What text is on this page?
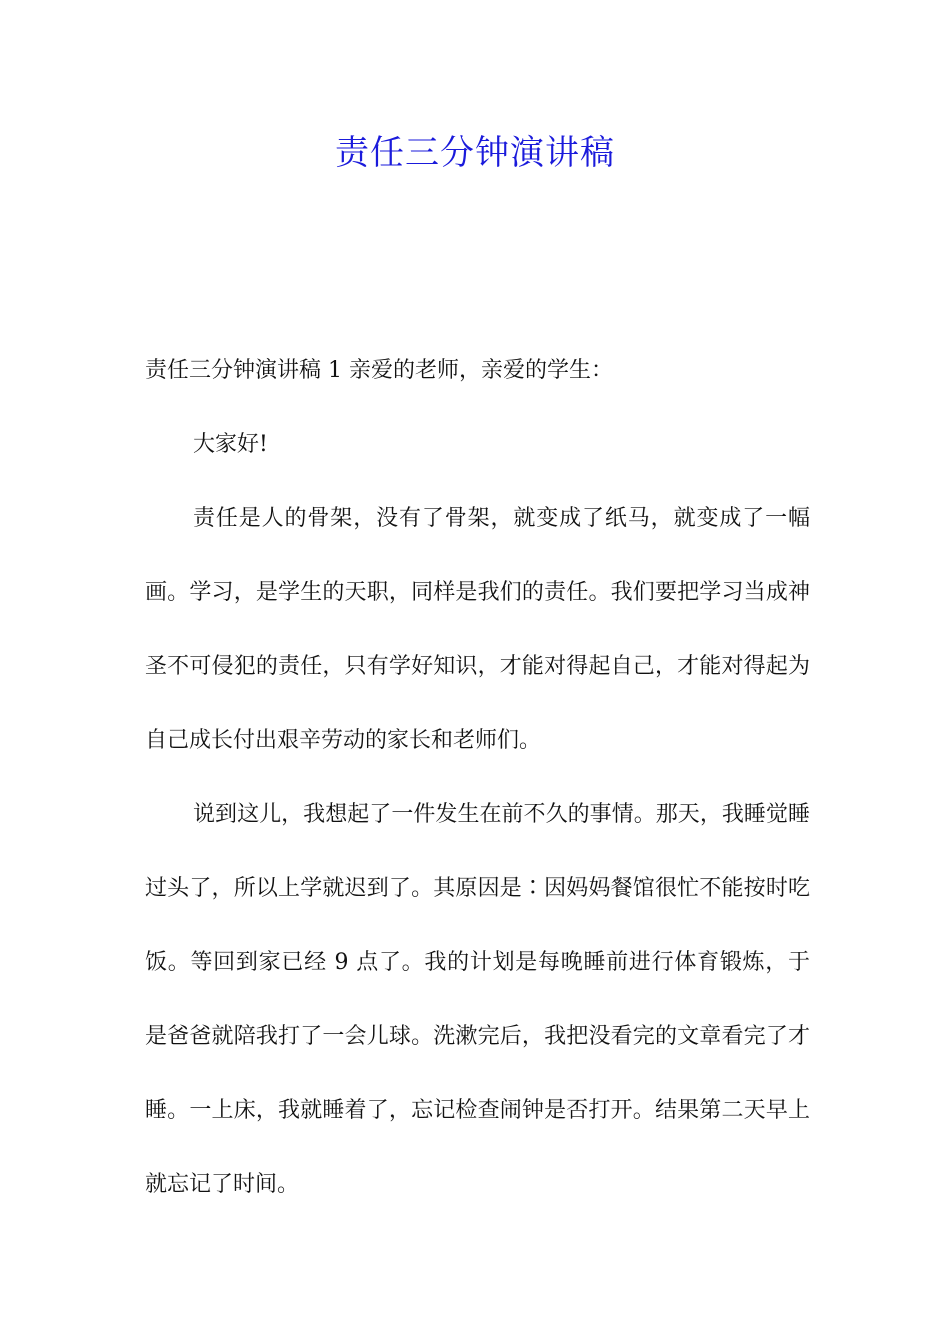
责任三分钟演讲稿

责任三分钟演讲稿 1 亲爱的老师，亲爱的学生：

大家好!

责任是人的骨架，没有了骨架，就变成了纸马，就变成了一幅画。学习，是学生的天职，同样是我们的责任。我们要把学习当成神圣不可侵犯的责任，只有学好知识，才能对得起自己，才能对得起为自己成长付出艰辛劳动的家长和老师们。

说到这儿，我想起了一件发生在前不久的事情。那天，我睡觉睡过头了，所以上学就迟到了。其原因是∶因妈妈餐馆很忙不能按时吃饭。等回到家已经 9 点了。我的计划是每晚睡前进行体育锻炼，于是爸爸就陪我打了一会儿球。洗漱完后，我把没看完的文章看完了才睡。一上床，我就睡着了，忘记检查闹钟是否打开。结果第二天早上就忘记了时间。
